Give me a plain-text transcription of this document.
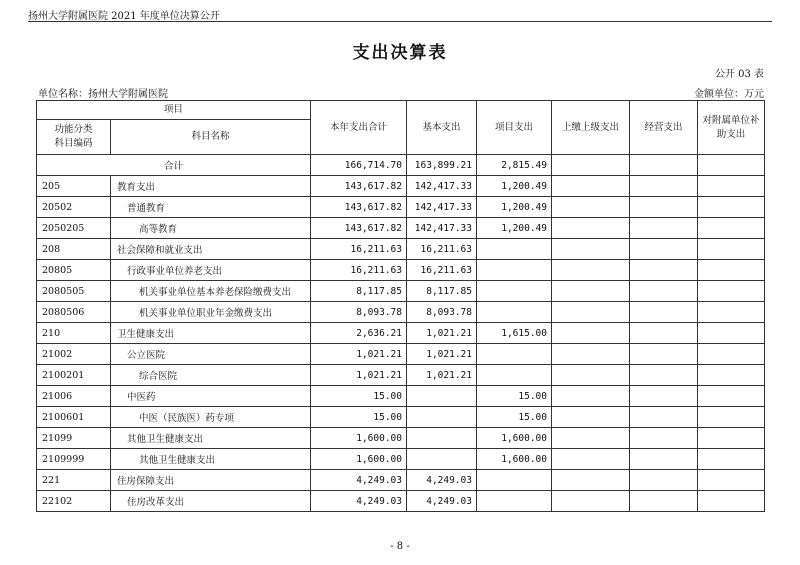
扬州大学附属医院 2021 年度单位决算公开
支出决算表
公开 03 表
单位名称：扬州大学附属医院	金额单位：万元
项目		本年支出合计	基本支出	项目支出	上缴上级支出	经营支出	对附属单位补助支出
功能分类
科目编码	科目名称						
合计		166,714.70	163,899.21	2,815.49			
205	教育支出	143,617.82	142,417.33	1,200.49			
20502	普通教育	143,617.82	142,417.33	1,200.49			
2050205	高等教育	143,617.82	142,417.33	1,200.49			
208	社会保障和就业支出	16,211.63	16,211.63				
20805	行政事业单位养老支出	16,211.63	16,211.63				
2080505	机关事业单位基本养老保险缴费支出	8,117.85	8,117.85				
2080506	机关事业单位职业年金缴费支出	8,093.78	8,093.78				
210	卫生健康支出	2,636.21	1,021.21	1,615.00			
21002	公立医院	1,021.21	1,021.21				
2100201	综合医院	1,021.21	1,021.21				
21006	中医药	15.00		15.00			
2100601	中医（民族医）药专项	15.00		15.00			
21099	其他卫生健康支出	1,600.00		1,600.00			
2109999	其他卫生健康支出	1,600.00		1,600.00			
221	住房保障支出	4,249.03	4,249.03				
22102	住房改革支出	4,249.03	4,249.03				
- 8 -
